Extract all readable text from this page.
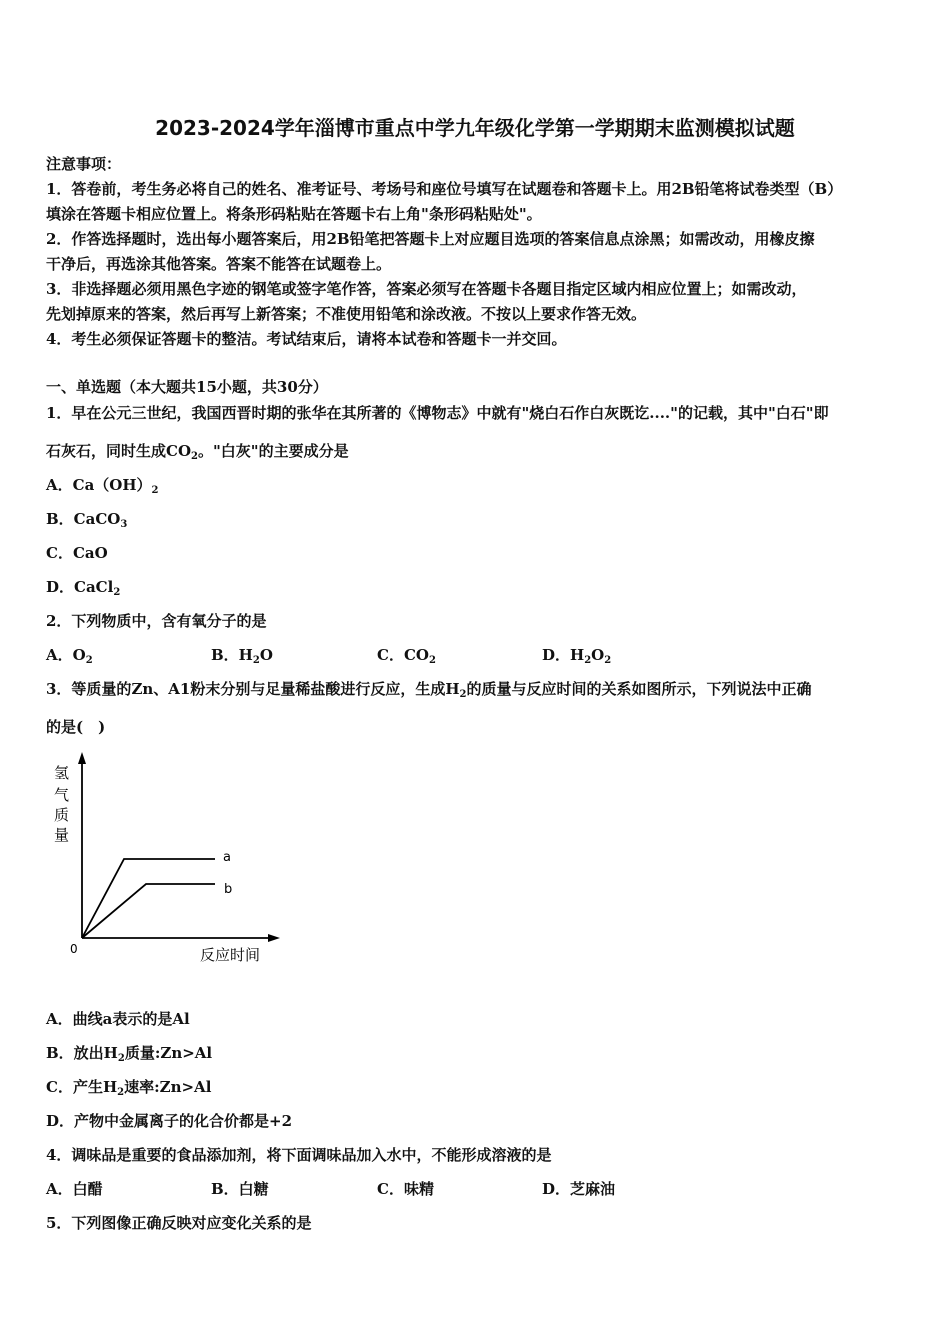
2023-2024学年淄博市重点中学九年级化学第一学期期末监测模拟试题
注意事项：
1．答卷前，考生务必将自己的姓名、准考证号、考场号和座位号填写在试题卷和答题卡上。用2B铅笔将试卷类型（B）
填涂在答题卡相应位置上。将条形码粘贴在答题卡右上角"条形码粘贴处"。
2．作答选择题时，选出每小题答案后，用2B铅笔把答题卡上对应题目选项的答案信息点涂黑；如需改动，用橡皮擦
干净后，再选涂其他答案。答案不能答在试题卷上。
3．非选择题必须用黑色字迹的钢笔或签字笔作答，答案必须写在答题卡各题目指定区域内相应位置上；如需改动，
先划掉原来的答案，然后再写上新答案；不准使用铅笔和涂改液。不按以上要求作答无效。
4．考生必须保证答题卡的整洁。考试结束后，请将本试卷和答题卡一并交回。
一、单选题（本大题共15小题，共30分）
1．早在公元三世纪，我国西晋时期的张华在其所著的《博物志》中就有"烧白石作白灰既讫...."的记载，其中"白石"即
石灰石，同时生成$CO_2$。"白灰"的主要成分是
A．$Ca(OH)_2$
B．CaCO$_3$
C．CaO
D．CaCl$_2$
2．下列物质中，含有氧分子的是
A．$O_2$	B．$H_2O$	C．$CO_2$	D．$H_2O_2$
3．等质量的Zn、A1粉末分别与足量稀盐酸进行反应，生成$H_2$的质量与反应时间的关系如图所示，下列说法中正确
的是(　)
氢
气
质
量
0	反应时间
a
b
A．曲线a表示的是Al
B．放出$H_2$质量:Zn>Al
C．产生$H_2$速率:Zn>Al
D．产物中金属离子的化合价都是+2
4．调味品是重要的食品添加剂，将下面调味品加入水中，不能形成溶液的是
A．白醋	B．白糖	C．味精	D．芝麻油
5．下列图像正确反映对应变化关系的是
